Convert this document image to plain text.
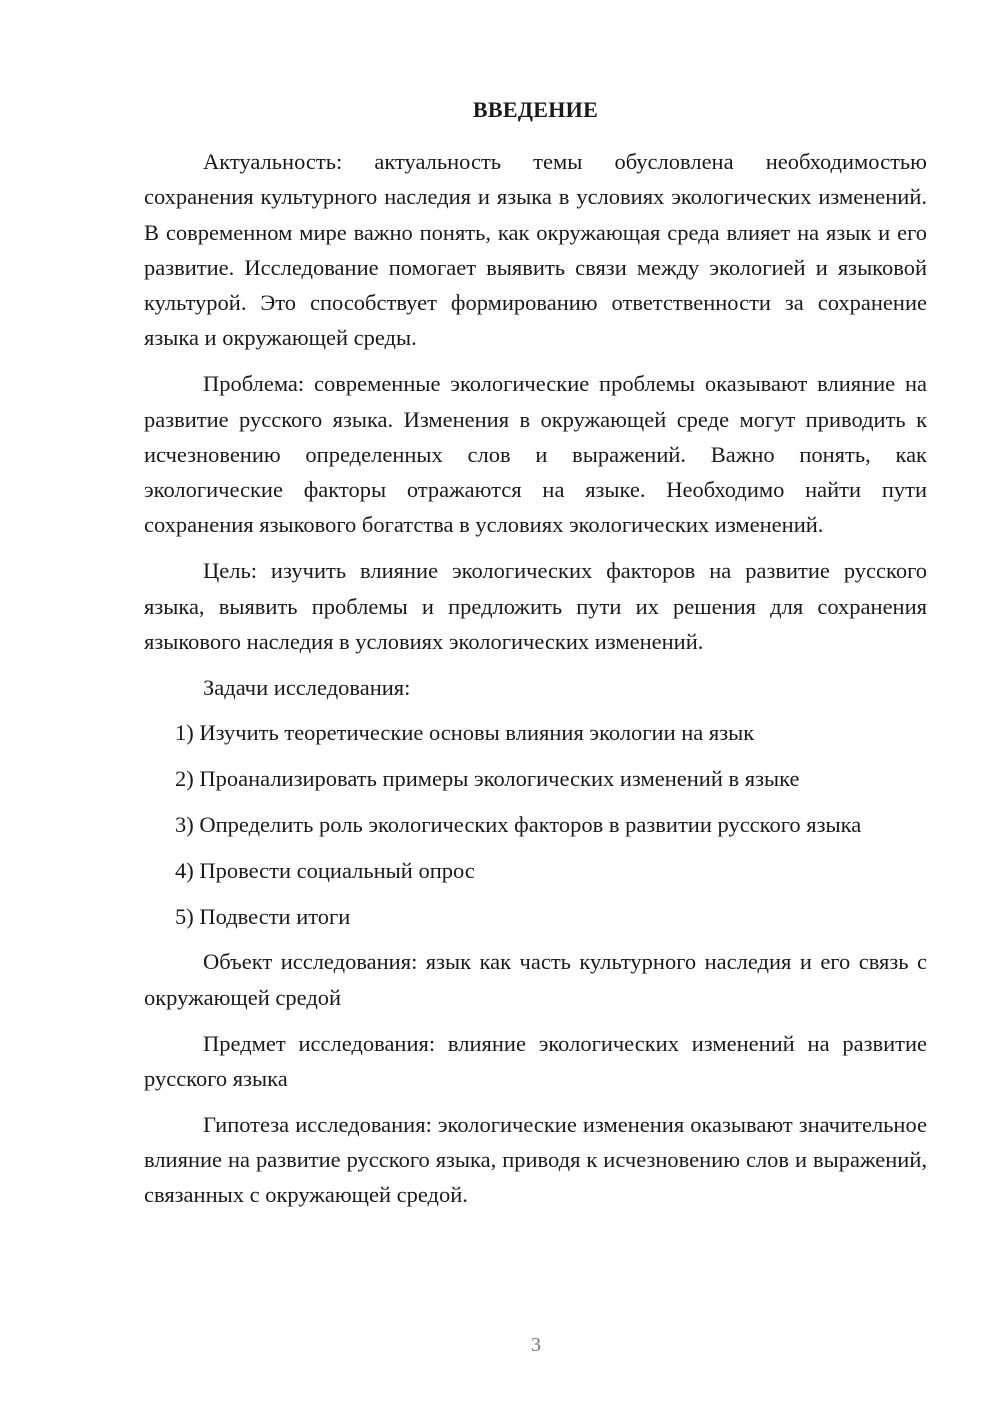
ВВЕДЕНИЕ

Актуальность: актуальность темы обусловлена необходимостью сохранения культурного наследия и языка в условиях экологических изменений. В современном мире важно понять, как окружающая среда влияет на язык и его развитие. Исследование помогает выявить связи между экологией и языковой культурой. Это способствует формированию ответственности за сохранение языка и окружающей среды.

Проблема: современные экологические проблемы оказывают влияние на развитие русского языка. Изменения в окружающей среде могут приводить к исчезновению определенных слов и выражений. Важно понять, как экологические факторы отражаются на языке. Необходимо найти пути сохранения языкового богатства в условиях экологических изменений.

Цель: изучить влияние экологических факторов на развитие русского языка, выявить проблемы и предложить пути их решения для сохранения языкового наследия в условиях экологических изменений.

Задачи исследования:

1) Изучить теоретические основы влияния экологии на язык

2) Проанализировать примеры экологических изменений в языке

3) Определить роль экологических факторов в развитии русского языка

4) Провести социальный опрос

5) Подвести итоги

Объект исследования: язык как часть культурного наследия и его связь с окружающей средой

Предмет исследования: влияние экологических изменений на развитие русского языка

Гипотеза исследования: экологические изменения оказывают значительное влияние на развитие русского языка, приводя к исчезновению слов и выражений, связанных с окружающей средой.

3
